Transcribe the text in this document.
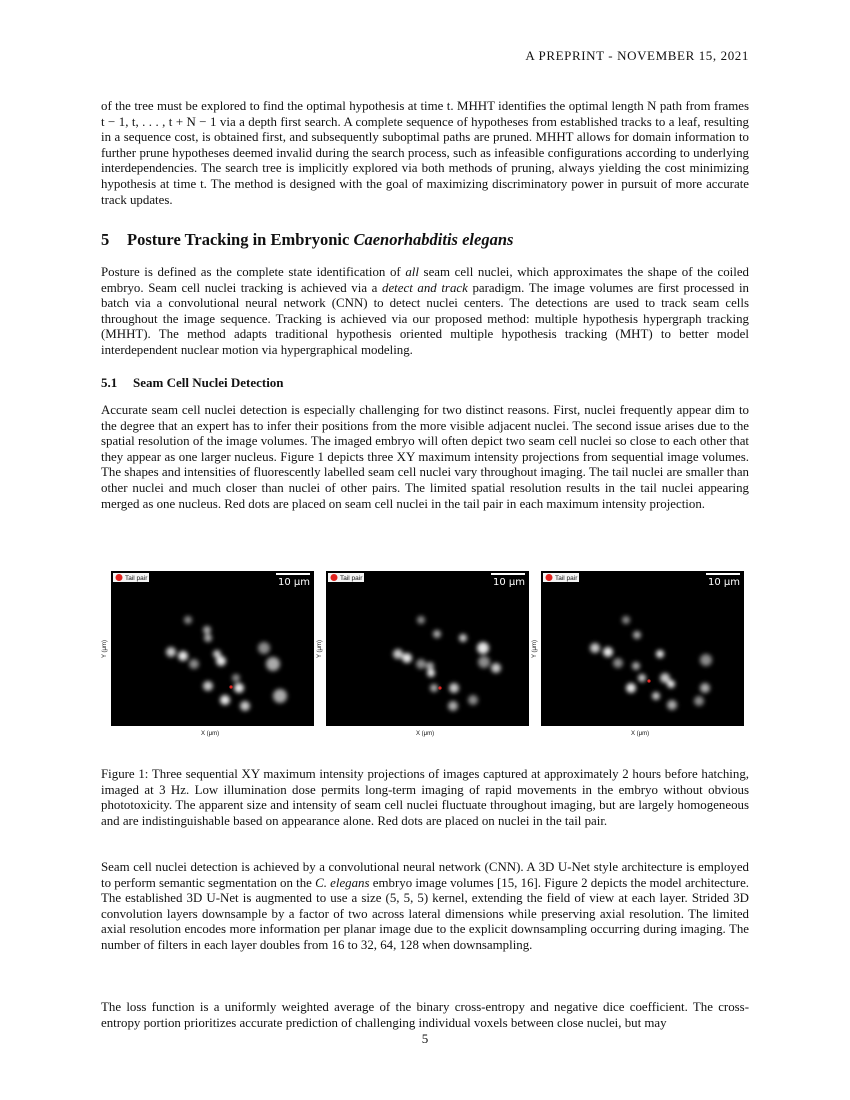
A PREPRINT - NOVEMBER 15, 2021

of the tree must be explored to find the optimal hypothesis at time t. MHHT identifies the optimal length N path from frames t − 1, t, . . . , t + N − 1 via a depth first search. A complete sequence of hypotheses from established tracks to a leaf, resulting in a sequence cost, is obtained first, and subsequently suboptimal paths are pruned. MHHT allows for domain information to further prune hypotheses deemed invalid during the search process, such as infeasible configurations according to underlying interdependencies. The search tree is implicitly explored via both methods of pruning, always yielding the cost minimizing hypothesis at time t. The method is designed with the goal of maximizing discriminatory power in pursuit of more accurate track updates.

5 Posture Tracking in Embryonic Caenorhabditis elegans

Posture is defined as the complete state identification of all seam cell nuclei, which approximates the shape of the coiled embryo. Seam cell nuclei tracking is achieved via a detect and track paradigm. The image volumes are first processed in batch via a convolutional neural network (CNN) to detect nuclei centers. The detections are used to track seam cells throughout the image sequence. Tracking is achieved via our proposed method: multiple hypothesis hypergraph tracking (MHHT). The method adapts traditional hypothesis oriented multiple hypothesis tracking (MHT) to better model interdependent nuclear motion via hypergraphical modeling.

5.1 Seam Cell Nuclei Detection

Accurate seam cell nuclei detection is especially challenging for two distinct reasons. First, nuclei frequently appear dim to the degree that an expert has to infer their positions from the more visible adjacent nuclei. The second issue arises due to the spatial resolution of the image volumes. The imaged embryo will often depict two seam cell nuclei so close to each other that they appear as one larger nucleus. Figure 1 depicts three XY maximum intensity projections from sequential image volumes. The shapes and intensities of fluorescently labelled seam cell nuclei vary throughout imaging. The tail nuclei are smaller than other nuclei and much closer than nuclei of other pairs. The limited spatial resolution results in the tail nuclei appearing merged as one nucleus. Red dots are placed on seam cell nuclei in the tail pair in each maximum intensity projection.

Y (μm)
Tail pair	10 μm
X (μm)
Y (μm)
Tail pair	10 μm
X (μm)
Y (μm)
Tail pair	10 μm
X (μm)

Figure 1: Three sequential XY maximum intensity projections of images captured at approximately 2 hours before hatching, imaged at 3 Hz. Low illumination dose permits long-term imaging of rapid movements in the embryo without obvious phototoxicity. The apparent size and intensity of seam cell nuclei fluctuate throughout imaging, but are largely homogeneous and are indistinguishable based on appearance alone. Red dots are placed on nuclei in the tail pair.

Seam cell nuclei detection is achieved by a convolutional neural network (CNN). A 3D U-Net style architecture is employed to perform semantic segmentation on the C. elegans embryo image volumes [15, 16]. Figure 2 depicts the model architecture. The established 3D U-Net is augmented to use a size (5, 5, 5) kernel, extending the field of view at each layer. Strided 3D convolution layers downsample by a factor of two across lateral dimensions while preserving axial resolution. The limited axial resolution encodes more information per planar image due to the explicit downsampling occurring during imaging. The number of filters in each layer doubles from 16 to 32, 64, 128 when downsampling.

The loss function is a uniformly weighted average of the binary cross-entropy and negative dice coefficient. The cross-entropy portion prioritizes accurate prediction of challenging individual voxels between close nuclei, but may

5
